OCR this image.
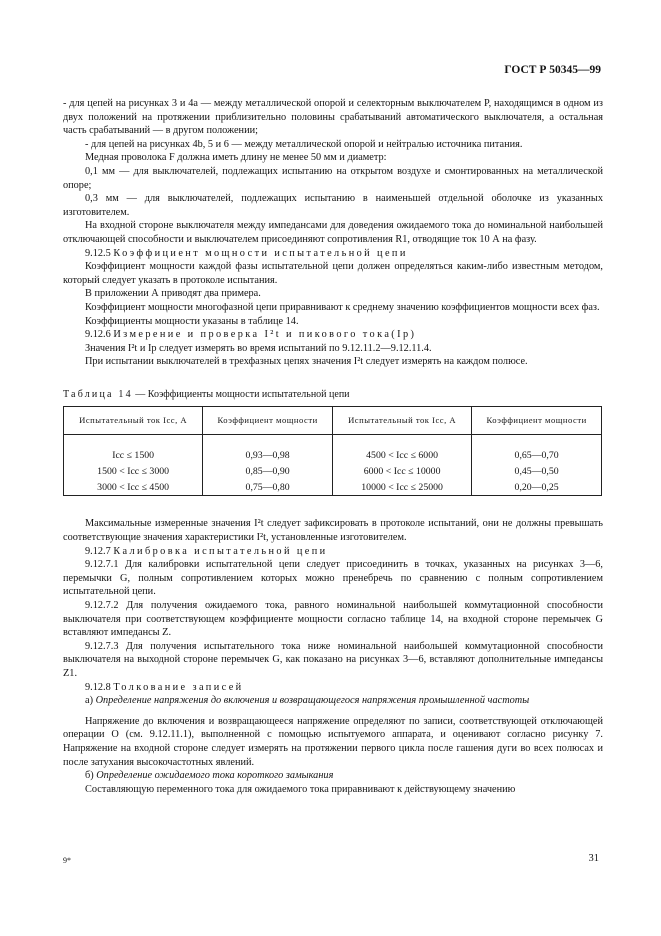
ГОСТ Р 50345—99

- для цепей на рисунках 3 и 4а — между металлической опорой и селекторным выключателем P, находящимся в одном из двух положений на протяжении приблизительно половины срабатываний автоматического выключателя, а остальная часть срабатываний — в другом положении;

- для цепей на рисунках 4b, 5 и 6 — между металлической опорой и нейтралью источника питания.

Медная проволока F должна иметь длину не менее 50 мм и диаметр:

0,1 мм — для выключателей, подлежащих испытанию на открытом воздухе и смонтированных на металлической опоре;

0,3 мм — для выключателей, подлежащих испытанию в наименьшей отдельной оболочке из указанных изготовителем.

На входной стороне выключателя между импедансами для доведения ожидаемого тока до номинальной наибольшей отключающей способности и выключателем присоединяют сопротивления R1, отводящие ток 10 А на фазу.

9.12.5 Коэффициент мощности испытательной цепи

Коэффициент мощности каждой фазы испытательной цепи должен определяться каким-либо известным методом, который следует указать в протоколе испытания.

В приложении А приводят два примера.

Коэффициент мощности многофазной цепи приравнивают к среднему значению коэффициентов мощности всех фаз.

Коэффициенты мощности указаны в таблице 14.

9.12.6 Измерение и проверка I²t и пикового тока(Ip)

Значения I²t и Ip следует измерять во время испытаний по 9.12.11.2—9.12.11.4.

При испытании выключателей в трехфазных цепях значения I²t следует измерять на каждом полюсе.

Таблица 14 — Коэффициенты мощности испытательной цепи

Испытательный ток Icc, А	Коэффициент мощности	Испытательный ток Icc, А	Коэффициент мощности

Icc ≤ 1500	0,93—0,98	4500 < Icc ≤ 6000	0,65—0,70
1500 < Icc ≤ 3000	0,85—0,90	6000 < Icc ≤ 10000	0,45—0,50
3000 < Icc ≤ 4500	0,75—0,80	10000 < Icc ≤ 25000	0,20—0,25

Максимальные измеренные значения I²t следует зафиксировать в протоколе испытаний, они не должны превышать соответствующие значения характеристики I²t, установленные изготовителем.

9.12.7 Калибровка испытательной цепи

9.12.7.1 Для калибровки испытательной цепи следует присоединить в точках, указанных на рисунках 3—6, перемычки G, полным сопротивлением которых можно пренебречь по сравнению с полным сопротивлением испытательной цепи.

9.12.7.2 Для получения ожидаемого тока, равного номинальной наибольшей коммутационной способности выключателя при соответствующем коэффициенте мощности согласно таблице 14, на входной стороне перемычек G вставляют импедансы Z.

9.12.7.3 Для получения испытательного тока ниже номинальной наибольшей коммутационной способности выключателя на выходной стороне перемычек G, как показано на рисунках 3—6, вставляют дополнительные импедансы Z1.

9.12.8 Толкование записей

а) Определение напряжения до включения и возвращающегося напряжения промышленной частоты

Напряжение до включения и возвращающееся напряжение определяют по записи, соответствующей отключающей операции О (см. 9.12.11.1), выполненной с помощью испытуемого аппарата, и оценивают согласно рисунку 7. Напряжение на входной стороне следует измерять на протяжении первого цикла после гашения дуги во всех полюсах и после затухания высокочастотных явлений.

б) Определение ожидаемого тока короткого замыкания

Составляющую переменного тока для ожидаемого тока приравнивают к действующему значению

9*	31
